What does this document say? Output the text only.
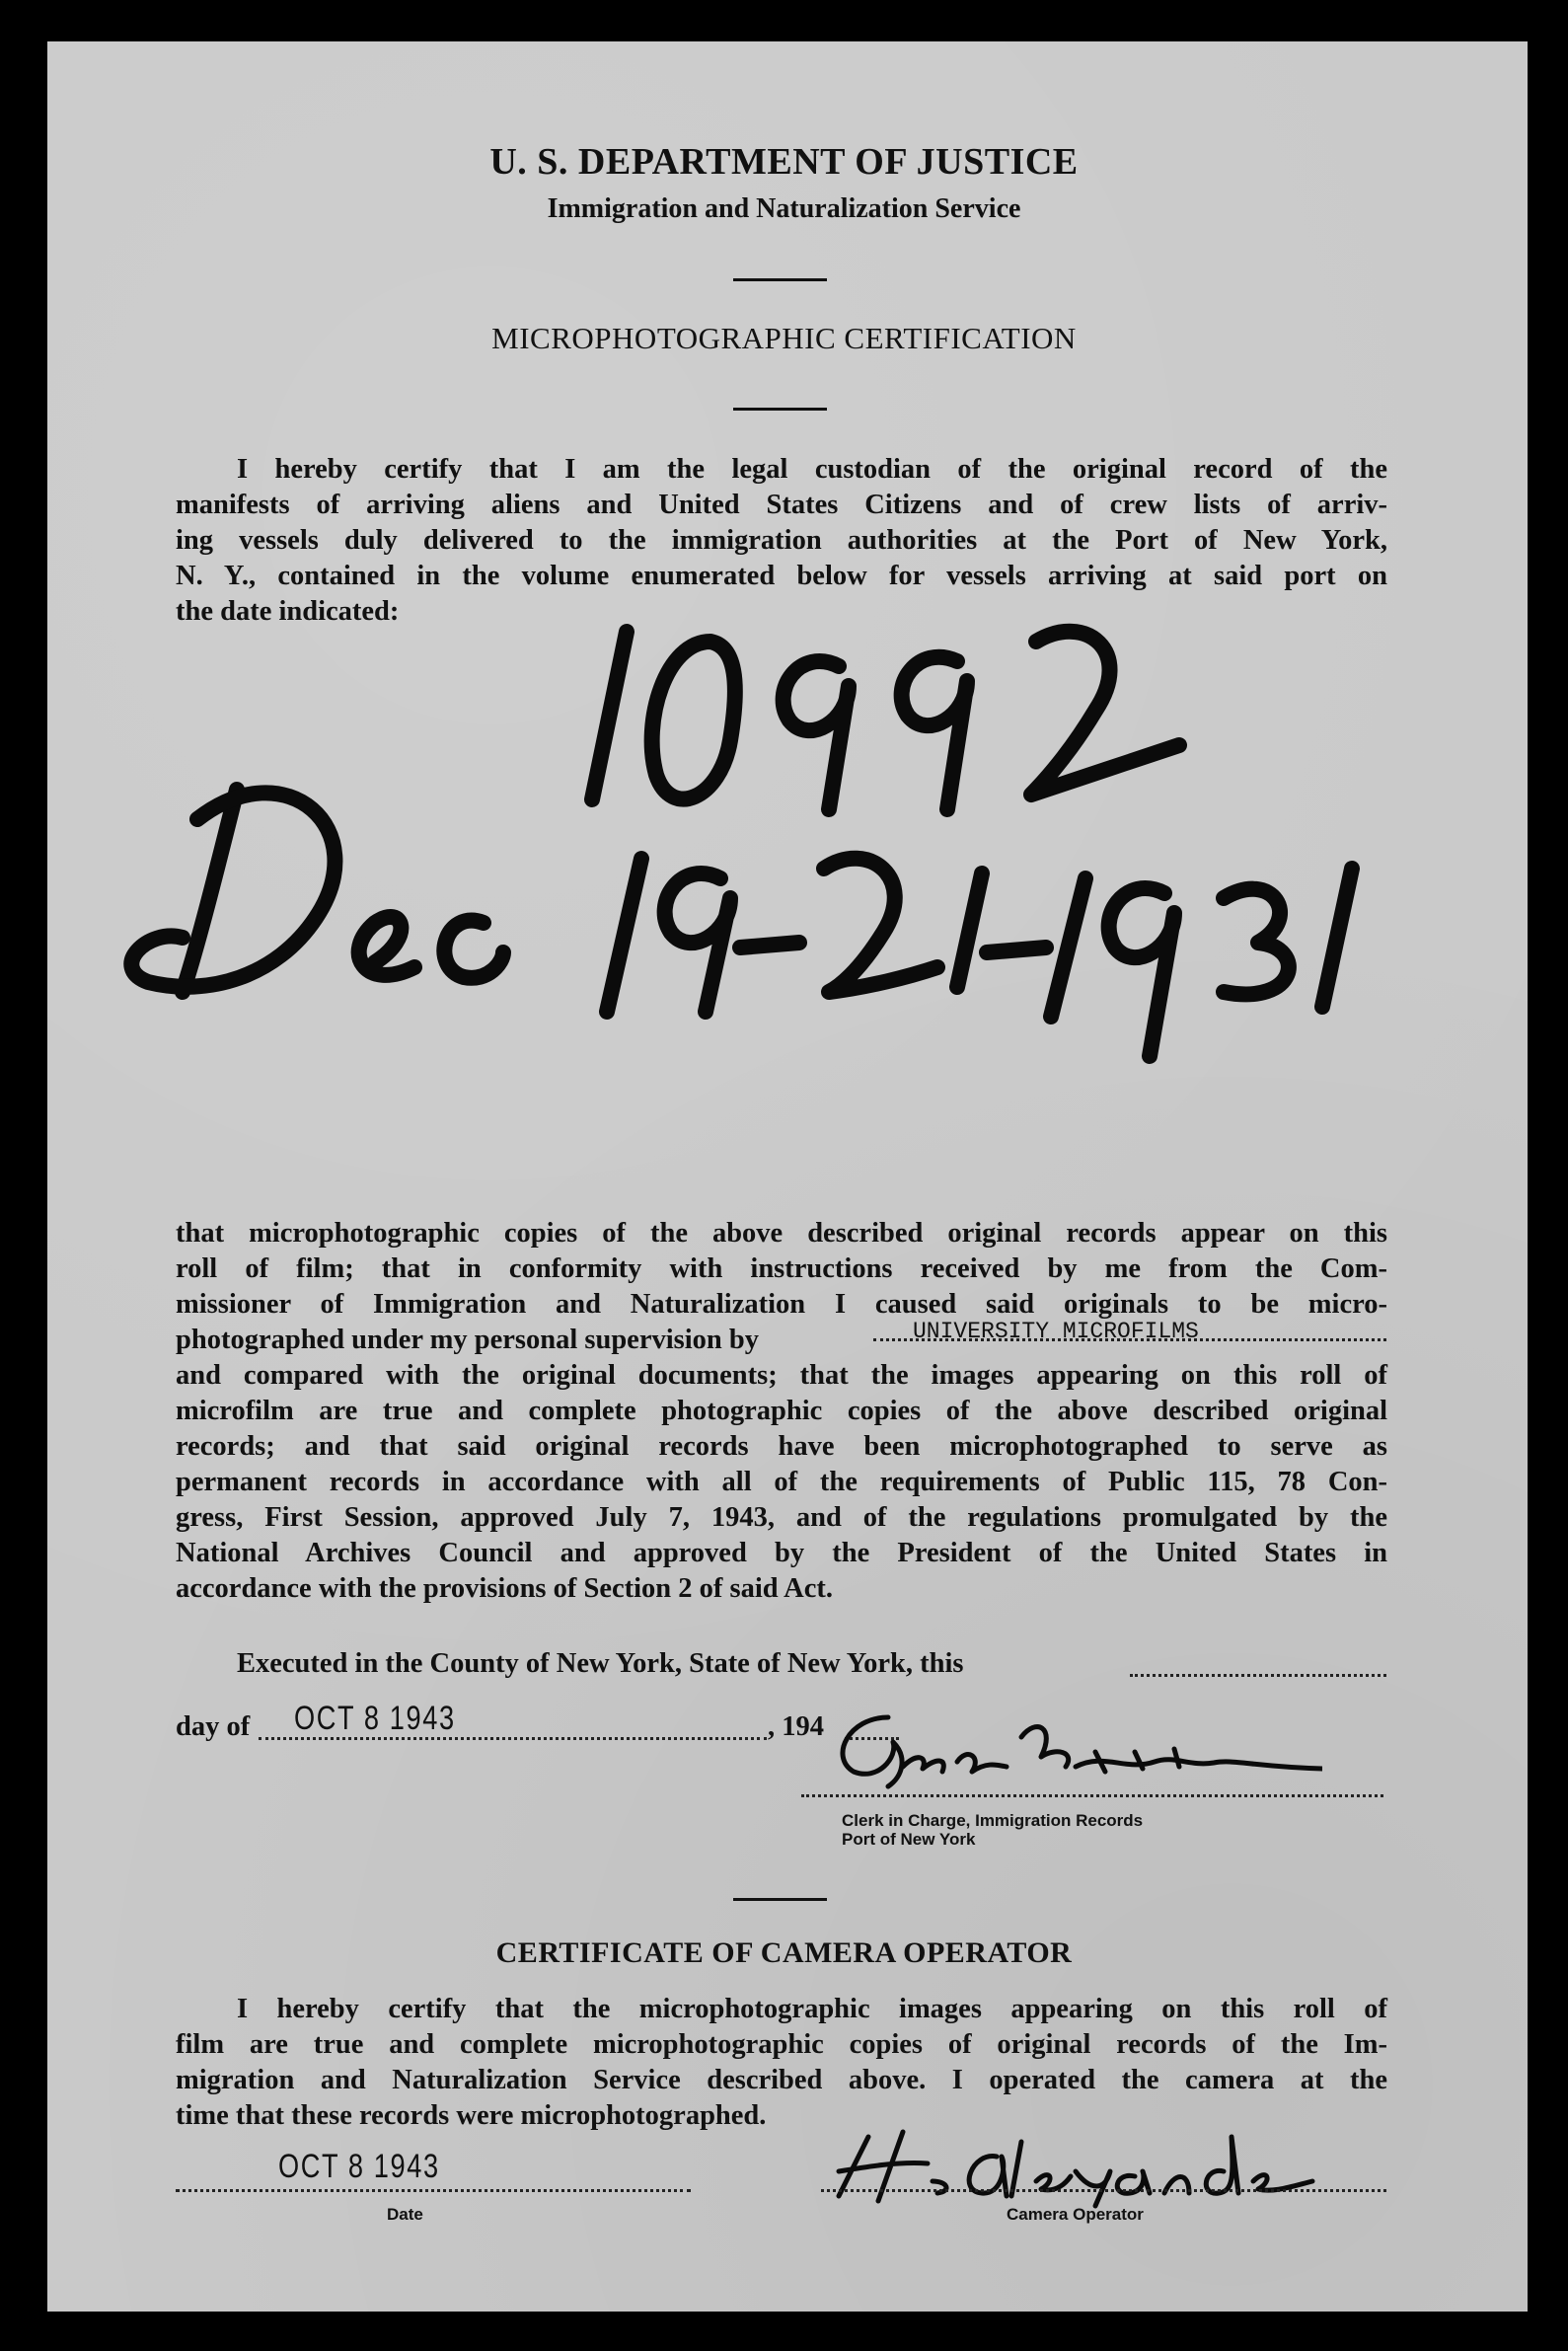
U. S. DEPARTMENT OF JUSTICE
Immigration and Naturalization Service
MICROPHOTOGRAPHIC CERTIFICATION
I hereby certify that I am the legal custodian of the original record of the
manifests of arriving aliens and United States Citizens and of crew lists of arriv-
ing vessels duly delivered to the immigration authorities at the Port of New York,
N. Y., contained in the volume enumerated below for vessels arriving at said port on
the date indicated:
that microphotographic copies of the above described original records appear on this
roll of film; that in conformity with instructions received by me from the Com-
missioner of Immigration and Naturalization I caused said originals to be micro-
photographed under my personal supervision by
and compared with the original documents; that the images appearing on this roll of
microfilm are true and complete photographic copies of the above described original
records; and that said original records have been microphotographed to serve as
permanent records in accordance with all of the requirements of Public 115, 78 Con-
gress, First Session, approved July 7, 1943, and of the regulations promulgated by the
National Archives Council and approved by the President of the United States in
accordance with the provisions of Section 2 of said Act.
UNIVERSITY MICROFILMS
Executed in the County of New York, State of New York, this
day of OCT 8 1943	, 194
Clerk in Charge, Immigration Records
Port of New York
CERTIFICATE OF CAMERA OPERATOR
I hereby certify that the microphotographic images appearing on this roll of
film are true and complete microphotographic copies of original records of the Im-
migration and Naturalization Service described above. I operated the camera at the
time that these records were microphotographed.
OCT 8 1943
Date	Camera Operator
